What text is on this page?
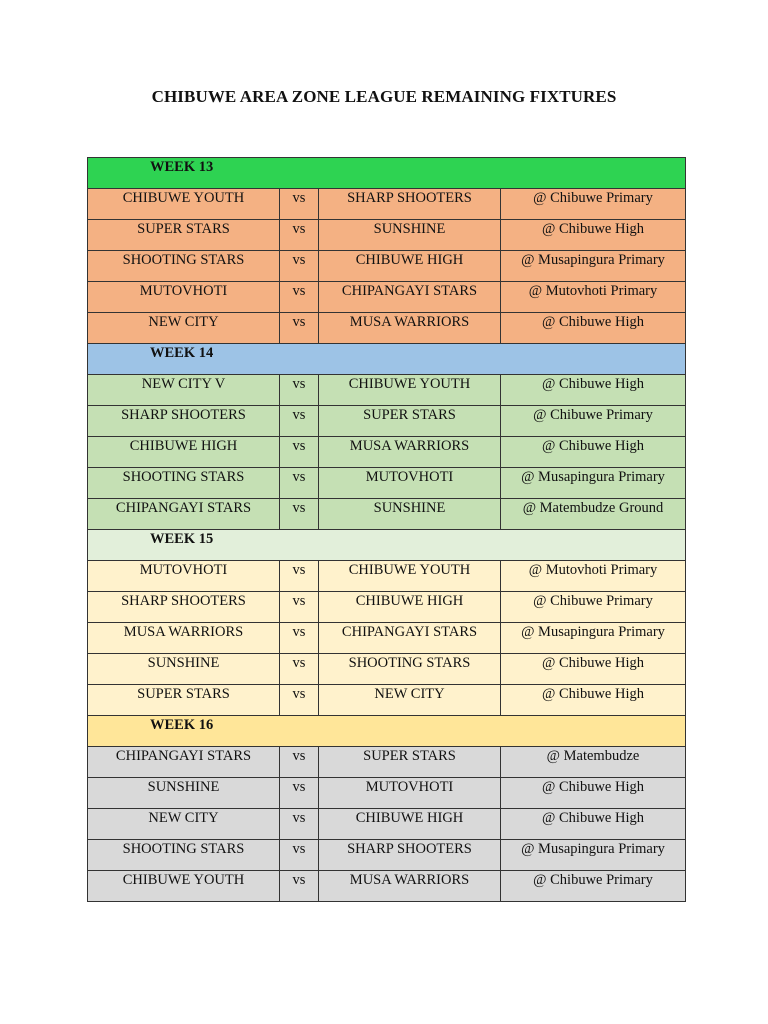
CHIBUWE AREA ZONE LEAGUE REMAINING FIXTURES
WEEK 13			
CHIBUWE YOUTH	vs	SHARP SHOOTERS	@ Chibuwe Primary
SUPER STARS	vs	SUNSHINE	@ Chibuwe High
SHOOTING STARS	vs	CHIBUWE HIGH	@ Musapingura Primary
MUTOVHOTI	vs	CHIPANGAYI STARS	@ Mutovhoti Primary
NEW CITY	vs	MUSA WARRIORS	@ Chibuwe High
WEEK 14			
NEW CITY V	vs	CHIBUWE YOUTH	@ Chibuwe High
SHARP SHOOTERS	vs	SUPER STARS	@ Chibuwe Primary
CHIBUWE HIGH	vs	MUSA WARRIORS	@ Chibuwe High
SHOOTING STARS	vs	MUTOVHOTI	@ Musapingura Primary
CHIPANGAYI STARS	vs	SUNSHINE	@ Matembudze Ground
WEEK 15			
MUTOVHOTI	vs	CHIBUWE YOUTH	@ Mutovhoti Primary
SHARP SHOOTERS	vs	CHIBUWE HIGH	@ Chibuwe Primary
MUSA WARRIORS	vs	CHIPANGAYI STARS	@ Musapingura Primary
SUNSHINE	vs	SHOOTING STARS	@ Chibuwe High
SUPER STARS	vs	NEW CITY	@ Chibuwe High
WEEK 16			
CHIPANGAYI STARS	vs	SUPER STARS	@ Matembudze
SUNSHINE	vs	MUTOVHOTI	@ Chibuwe High
NEW CITY	vs	CHIBUWE HIGH	@ Chibuwe High
SHOOTING STARS	vs	SHARP SHOOTERS	@ Musapingura Primary
CHIBUWE YOUTH	vs	MUSA WARRIORS	@ Chibuwe Primary
